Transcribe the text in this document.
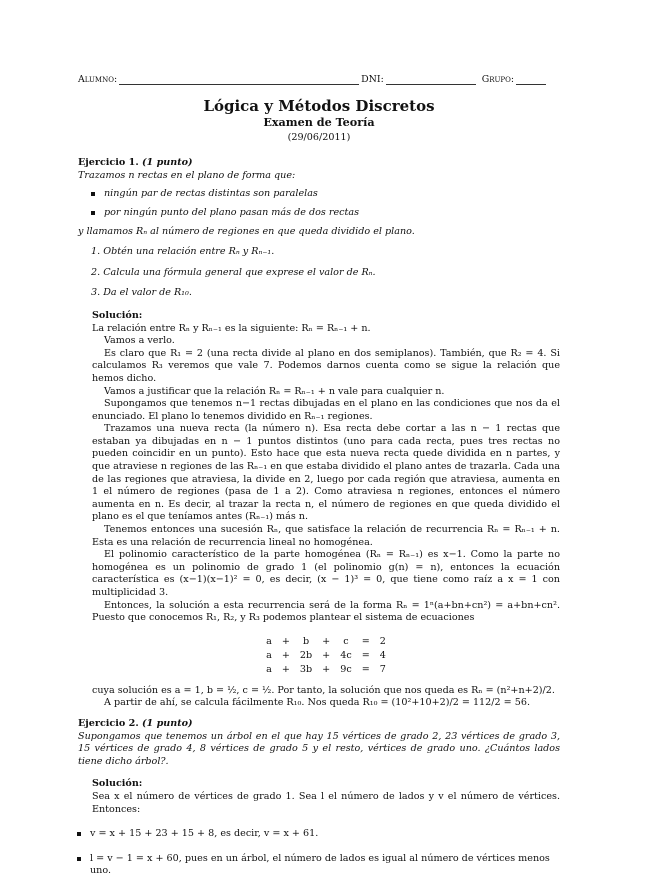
Alumno:	DNI:	Grupo:
Lógica y Métodos Discretos
Examen de Teoría
(29/06/2011)
Ejercicio 1. (1 punto)

Trazamos n rectas en el plano de forma que:

ningún par de rectas distintas son paralelas
por ningún punto del plano pasan más de dos rectas

y llamamos Rₙ al número de regiones en que queda dividido el plano.

1. Obtén una relación entre Rₙ y Rₙ₋₁.
2. Calcula una fórmula general que exprese el valor de Rₙ.
3. Da el valor de R₁₀.
Solución:

La relación entre Rₙ y Rₙ₋₁ es la siguiente: Rₙ = Rₙ₋₁ + n.

Vamos a verlo.

Es claro que R₁ = 2 (una recta divide al plano en dos semiplanos). También, que R₂ = 4. Si calculamos R₃ veremos que vale 7. Podemos darnos cuenta como se sigue la relación que hemos dicho.

Vamos a justificar que la relación Rₙ = Rₙ₋₁ + n vale para cualquier n.

Supongamos que tenemos n−1 rectas dibujadas en el plano en las condiciones que nos da el enunciado. El plano lo tenemos dividido en Rₙ₋₁ regiones.

Trazamos una nueva recta (la número n). Esa recta debe cortar a las n − 1 rectas que estaban ya dibujadas en n − 1 puntos distintos (uno para cada recta, pues tres rectas no pueden coincidir en un punto). Esto hace que esta nueva recta quede dividida en n partes, y que atraviese n regiones de las Rₙ₋₁ en que estaba dividido el plano antes de trazarla. Cada una de las regiones que atraviesa, la divide en 2, luego por cada región que atraviesa, aumenta en 1 el número de regiones (pasa de 1 a 2). Como atraviesa n regiones, entonces el número aumenta en n. Es decir, al trazar la recta n, el número de regiones en que queda dividido el plano es el que teníamos antes (Rₙ₋₁) más n.

Tenemos entonces una sucesión Rₙ, que satisface la relación de recurrencia Rₙ = Rₙ₋₁ + n. Esta es una relación de recurrencia lineal no homogénea.

El polinomio característico de la parte homogénea (Rₙ = Rₙ₋₁) es x−1. Como la parte no homogénea es un polinomio de grado 1 (el polinomio g(n) = n), entonces la ecuación característica es (x−1)(x−1)² = 0, es decir, (x − 1)³ = 0, que tiene como raíz a x = 1 con multiplicidad 3.

Entonces, la solución a esta recurrencia será de la forma Rₙ = 1ⁿ(a+bn+cn²) = a+bn+cn². Puesto que conocemos R₁, R₂, y R₃ podemos plantear el sistema de ecuaciones

a	+	b	+	c	=	2
a	+	2b	+	4c	=	4
a	+	3b	+	9c	=	7

cuya solución es a = 1, b = ½, c = ½. Por tanto, la solución que nos queda es Rₙ = (n²+n+2)/2.

A partir de ahí, se calcula fácilmente R₁₀. Nos queda R₁₀ = (10²+10+2)/2 = 112/2 = 56.

Ejercicio 2. (1 punto)

Supongamos que tenemos un árbol en el que hay 15 vértices de grado 2, 23 vértices de grado 3, 15 vértices de grado 4, 8 vértices de grado 5 y el resto, vértices de grado uno. ¿Cuántos lados tiene dicho árbol?.

Solución:

Sea x el número de vértices de grado 1. Sea l el número de lados y v el número de vértices. Entonces:

v = x + 15 + 23 + 15 + 8, es decir, v = x + 61.
l = v − 1 = x + 60, pues en un árbol, el número de lados es igual al número de vértices menos uno.
